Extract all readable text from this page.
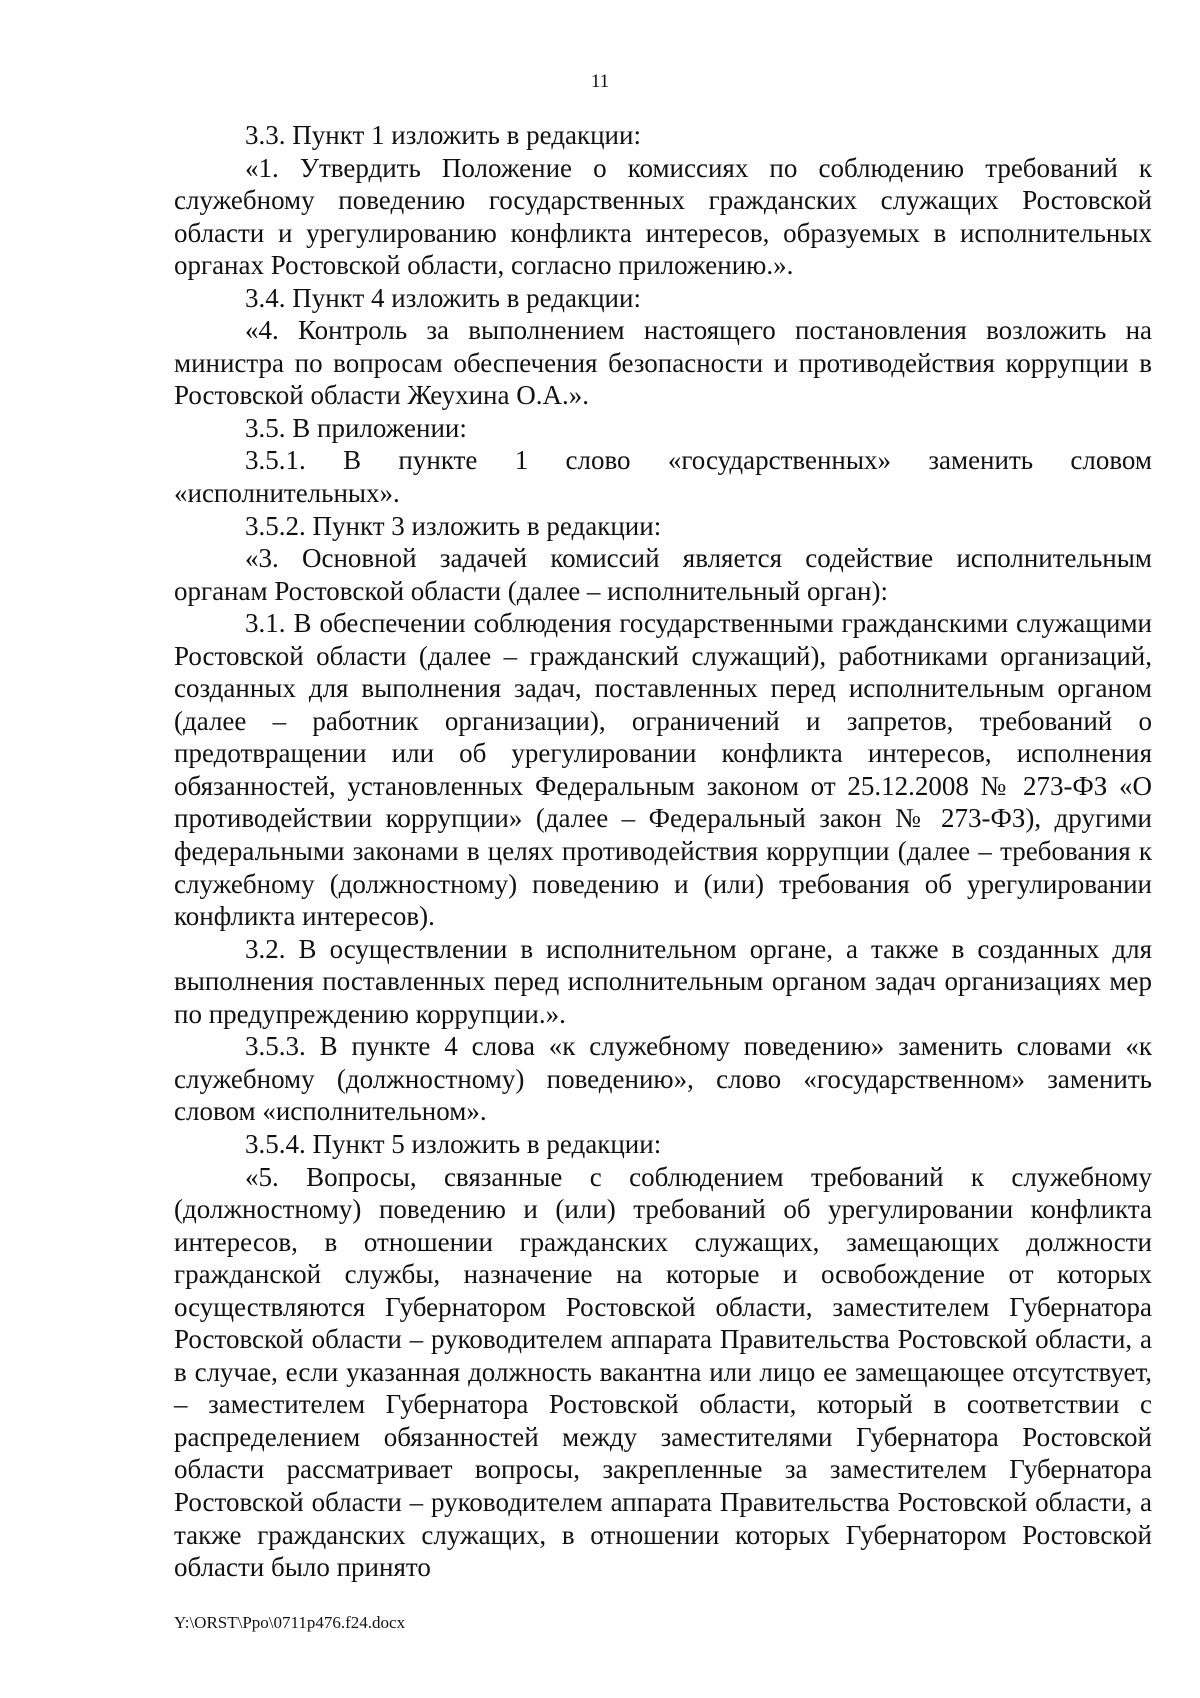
11

3.3. Пункт 1 изложить в редакции:

«1. Утвердить Положение о комиссиях по соблюдению требований к служебному поведению государственных гражданских служащих Ростовской области и урегулированию конфликта интересов, образуемых в исполнительных органах Ростовской области, согласно приложению.».

3.4. Пункт 4 изложить в редакции:

«4. Контроль за выполнением настоящего постановления возложить на министра по вопросам обеспечения безопасности и противодействия коррупции в Ростовской области Жеухина О.А.».

3.5. В приложении:

3.5.1. В пункте 1 слово «государственных» заменить словом «исполнительных».

3.5.2. Пункт 3 изложить в редакции:

«3. Основной задачей комиссий является содействие исполнительным органам Ростовской области (далее – исполнительный орган):

3.1. В обеспечении соблюдения государственными гражданскими служащими Ростовской области (далее – гражданский служащий), работниками организаций, созданных для выполнения задач, поставленных перед исполнительным органом (далее – работник организации), ограничений и запретов, требований о предотвращении или об урегулировании конфликта интересов, исполнения обязанностей, установленных Федеральным законом от 25.12.2008 № 273-ФЗ «О противодействии коррупции» (далее – Федеральный закон № 273-ФЗ), другими федеральными законами в целях противодействия коррупции (далее – требования к служебному (должностному) поведению и (или) требования об урегулировании конфликта интересов).

3.2. В осуществлении в исполнительном органе, а также в созданных для выполнения поставленных перед исполнительным органом задач организациях мер по предупреждению коррупции.».

3.5.3. В пункте 4 слова «к служебному поведению» заменить словами «к служебному (должностному) поведению», слово «государственном» заменить словом «исполнительном».

3.5.4. Пункт 5 изложить в редакции:

«5. Вопросы, связанные с соблюдением требований к служебному (должностному) поведению и (или) требований об урегулировании конфликта интересов, в отношении гражданских служащих, замещающих должности гражданской службы, назначение на которые и освобождение от которых осуществляются Губернатором Ростовской области, заместителем Губернатора Ростовской области – руководителем аппарата Правительства Ростовской области, а в случае, если указанная должность вакантна или лицо ее замещающее отсутствует, – заместителем Губернатора Ростовской области, который в соответствии с распределением обязанностей между заместителями Губернатора Ростовской области рассматривает вопросы, закрепленные за заместителем Губернатора Ростовской области – руководителем аппарата Правительства Ростовской области, а также гражданских служащих, в отношении которых Губернатором Ростовской области было принято

Y:\ORST\Ppo\0711p476.f24.docx
